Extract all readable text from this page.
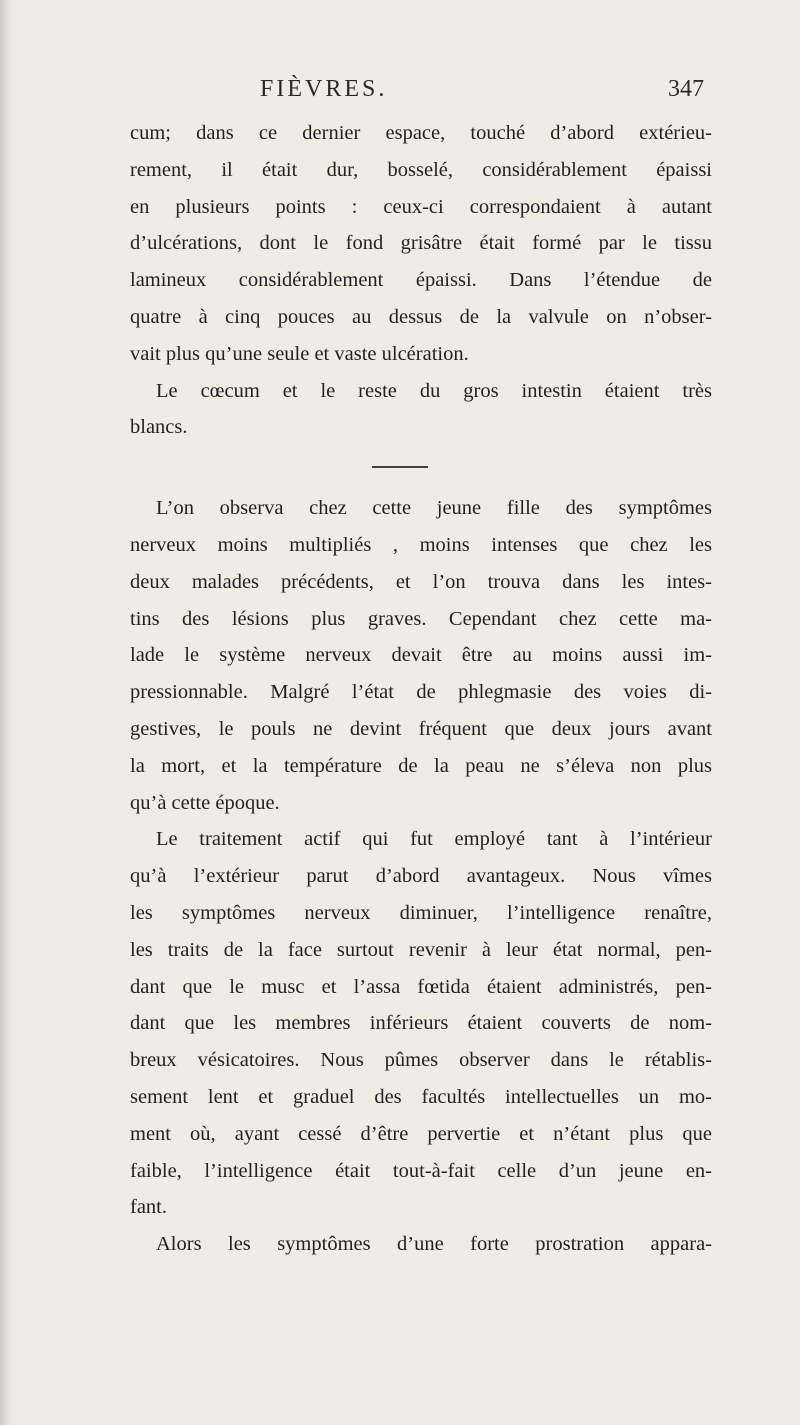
FIÈVRES.	347
cum; dans ce dernier espace, touché d’abord extérieu-
rement, il était dur, bosselé, considérablement épaissi
en plusieurs points : ceux-ci correspondaient à autant
d’ulcérations, dont le fond grisâtre était formé par le tissu
lamineux considérablement épaissi. Dans l’étendue de
quatre à cinq pouces au dessus de la valvule on n’obser-
vait plus qu’une seule et vaste ulcération.
Le cœcum et le reste du gros intestin étaient très
blancs.
L’on observa chez cette jeune fille des symptômes
nerveux moins multipliés , moins intenses que chez les
deux malades précédents, et l’on trouva dans les intes-
tins des lésions plus graves. Cependant chez cette ma-
lade le système nerveux devait être au moins aussi im-
pressionnable. Malgré l’état de phlegmasie des voies di-
gestives, le pouls ne devint fréquent que deux jours avant
la mort, et la température de la peau ne s’éleva non plus
qu’à cette époque.
Le traitement actif qui fut employé tant à l’intérieur
qu’à l’extérieur parut d’abord avantageux. Nous vîmes
les symptômes nerveux diminuer, l’intelligence renaître,
les traits de la face surtout revenir à leur état normal, pen-
dant que le musc et l’assa fœtida étaient administrés, pen-
dant que les membres inférieurs étaient couverts de nom-
breux vésicatoires. Nous pûmes observer dans le rétablis-
sement lent et graduel des facultés intellectuelles un mo-
ment où, ayant cessé d’être pervertie et n’étant plus que
faible, l’intelligence était tout-à-fait celle d’un jeune en-
fant.
Alors les symptômes d’une forte prostration appara-
